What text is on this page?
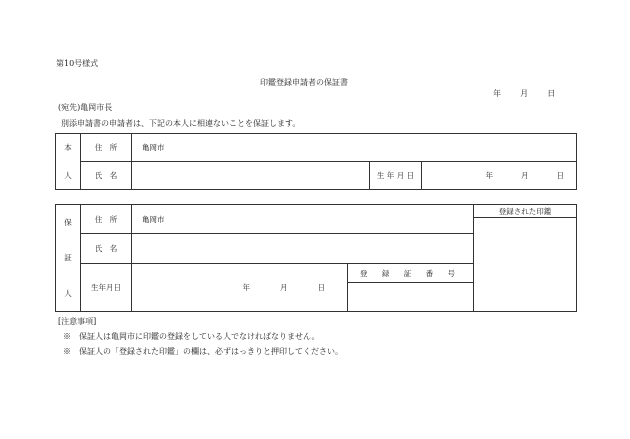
第10号様式
印鑑登録申請者の保証書
年 月 日
(宛先)亀岡市長
別添申請書の申請者は、下記の本人に相違ないことを保証します。
本
人	住　所	亀岡市		
	氏　名		生 年 月 日	年 月 日
保
証
人	住　所	亀岡市		登録された印鑑

	氏　名			
	生年月日	年 月 日	登 録 証 番 号	
[注意事項]
※　保証人は亀岡市に印鑑の登録をしている人でなければなりません。
※　保証人の「登録された印鑑」の欄は、必ずはっきりと押印してください。
